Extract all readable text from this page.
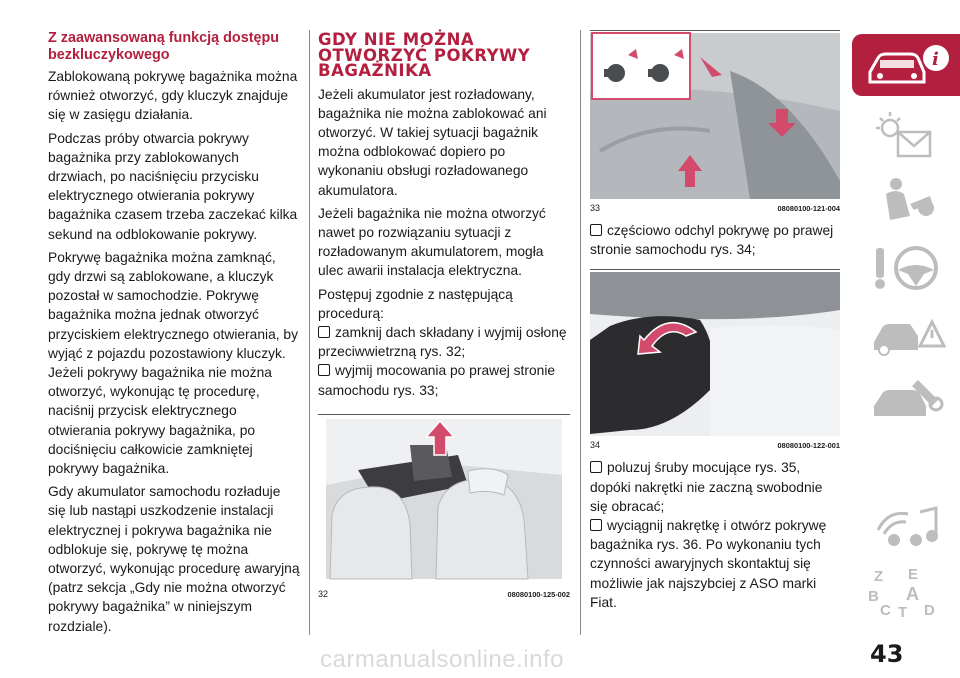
Z zaawansowaną funkcją dostępu bezkluczykowego

Zablokowaną pokrywę bagażnika można również otworzyć, gdy kluczyk znajduje się w zasięgu działania.

Podczas próby otwarcia pokrywy bagażnika przy zablokowanych drzwiach, po naciśnięciu przycisku elektrycznego otwierania pokrywy bagażnika czasem trzeba zaczekać kilka sekund na odblokowanie pokrywy.

Pokrywę bagażnika można zamknąć, gdy drzwi są zablokowane, a kluczyk pozostał w samochodzie. Pokrywę bagażnika można jednak otworzyć przyciskiem elektrycznego otwierania, by wyjąć z pojazdu pozostawiony kluczyk. Jeżeli pokrywy bagażnika nie można otworzyć, wykonując tę procedurę, naciśnij przycisk elektrycznego otwierania pokrywy bagażnika, po dociśnięciu całkowicie zamkniętej pokrywy bagażnika.

Gdy akumulator samochodu rozładuje się lub nastąpi uszkodzenie instalacji elektrycznej i pokrywa bagażnika nie odblokuje się, pokrywę tę można otworzyć, wykonując procedurę awaryjną (patrz sekcja „Gdy nie można otworzyć pokrywy bagażnika” w niniejszym rozdziale).

GDY NIE MOŻNA OTWORZYĆ POKRYWY BAGAŻNIKA

Jeżeli akumulator jest rozładowany, bagażnika nie można zablokować ani otworzyć. W takiej sytuacji bagażnik można odblokować dopiero po wykonaniu obsługi rozładowanego akumulatora.

Jeżeli bagażnika nie można otworzyć nawet po rozwiązaniu sytuacji z rozładowanym akumulatorem, mogła ulec awarii instalacja elektryczna.

Postępuj zgodnie z następującą procedurą:

zamknij dach składany i wyjmij osłonę przeciwwietrzną rys. 32;

wyjmij mocowania po prawej stronie samochodu rys. 33;

32	08080100-125-002
33	08080100-121-004

częściowo odchyl pokrywę po prawej stronie samochodu rys. 34;

34	08080100-122-001

poluzuj śruby mocujące rys. 35, dopóki nakrętki nie zaczną swobodnie się obracać;

wyciągnij nakrętkę i otwórz pokrywę bagażnika rys. 36. Po wykonaniu tych czynności awaryjnych skontaktuj się możliwie jak najszybciej z ASO marki Fiat.

i
Z E
B A
C T D
43
carmanualsonline.info
